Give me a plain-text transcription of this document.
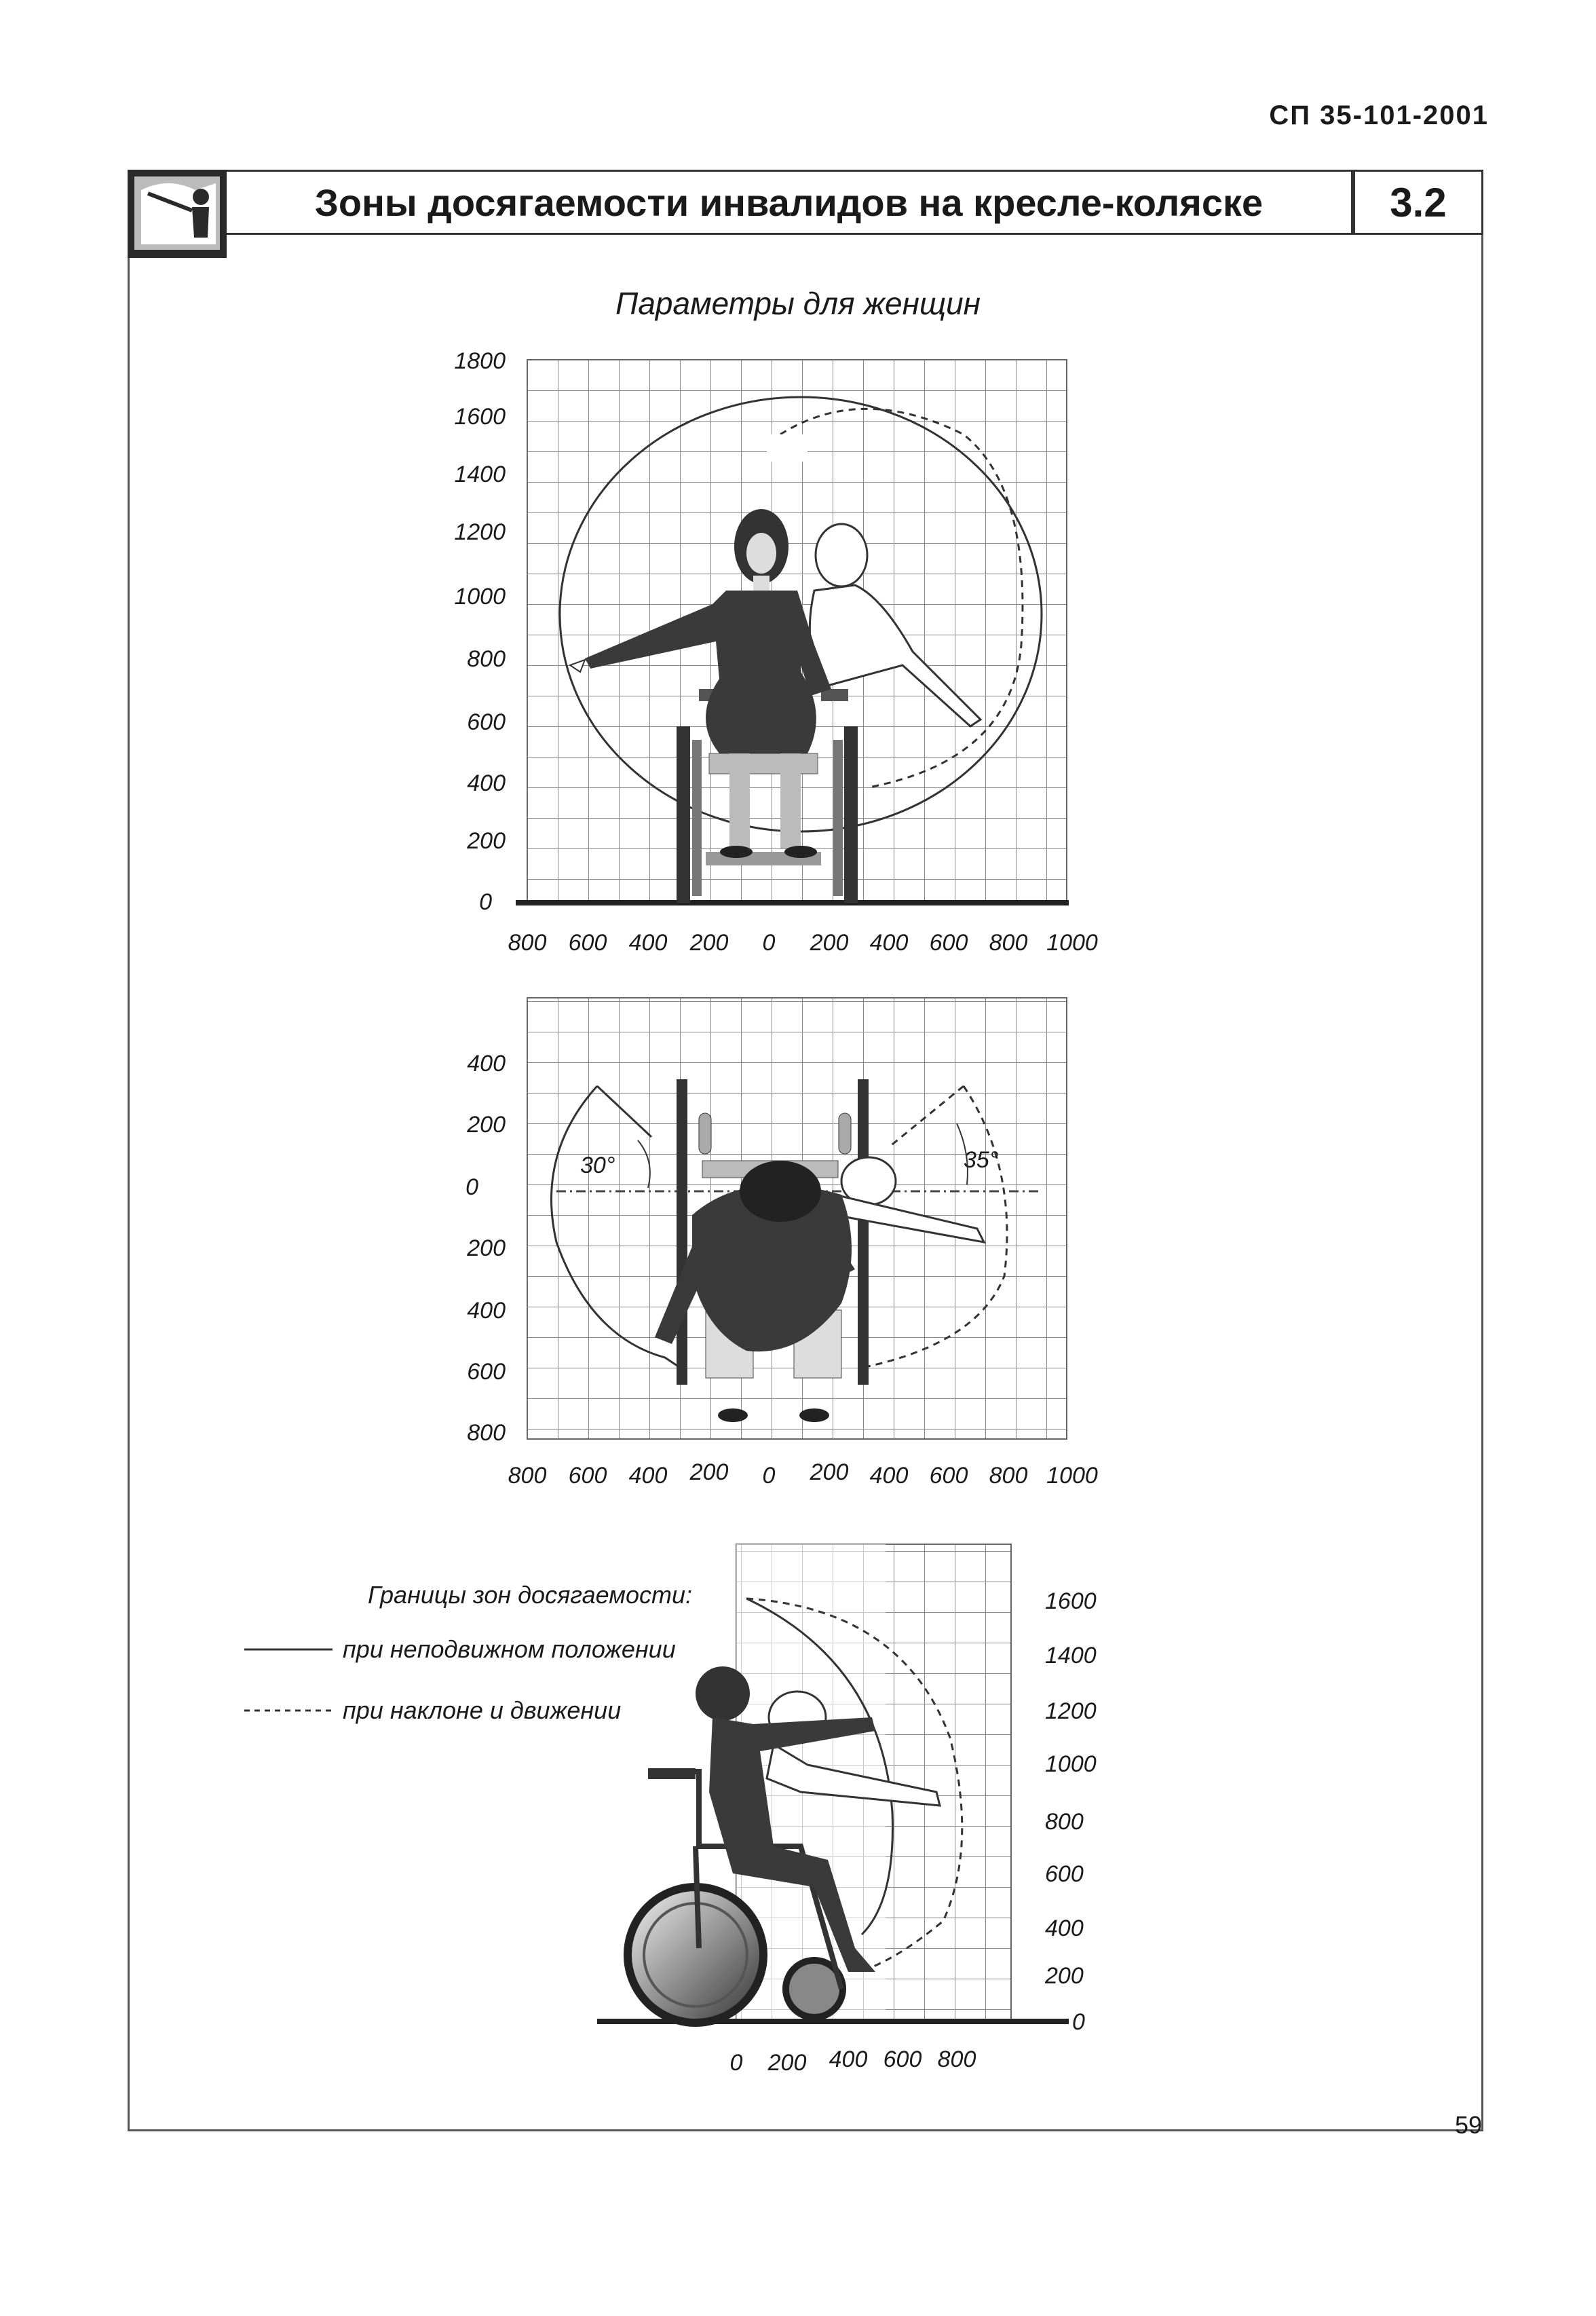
СП 35-101-2001
Зоны досягаемости инвалидов на кресле-коляске	3.2
Параметры для женщин
1800
1600
1400
1200
1000
800
600
400
200
0
800 600 400 200 0 200 400 600 800 1000
30°	35°
400
200
0
200
400
600
800
800 600 400 200 0 200 400 600 800 1000
1600
1400
1200
1000
800
600
400
200
0
0 200 400 600 800
Границы зон досягаемости:
при неподвижном положении
при наклоне и движении
59
